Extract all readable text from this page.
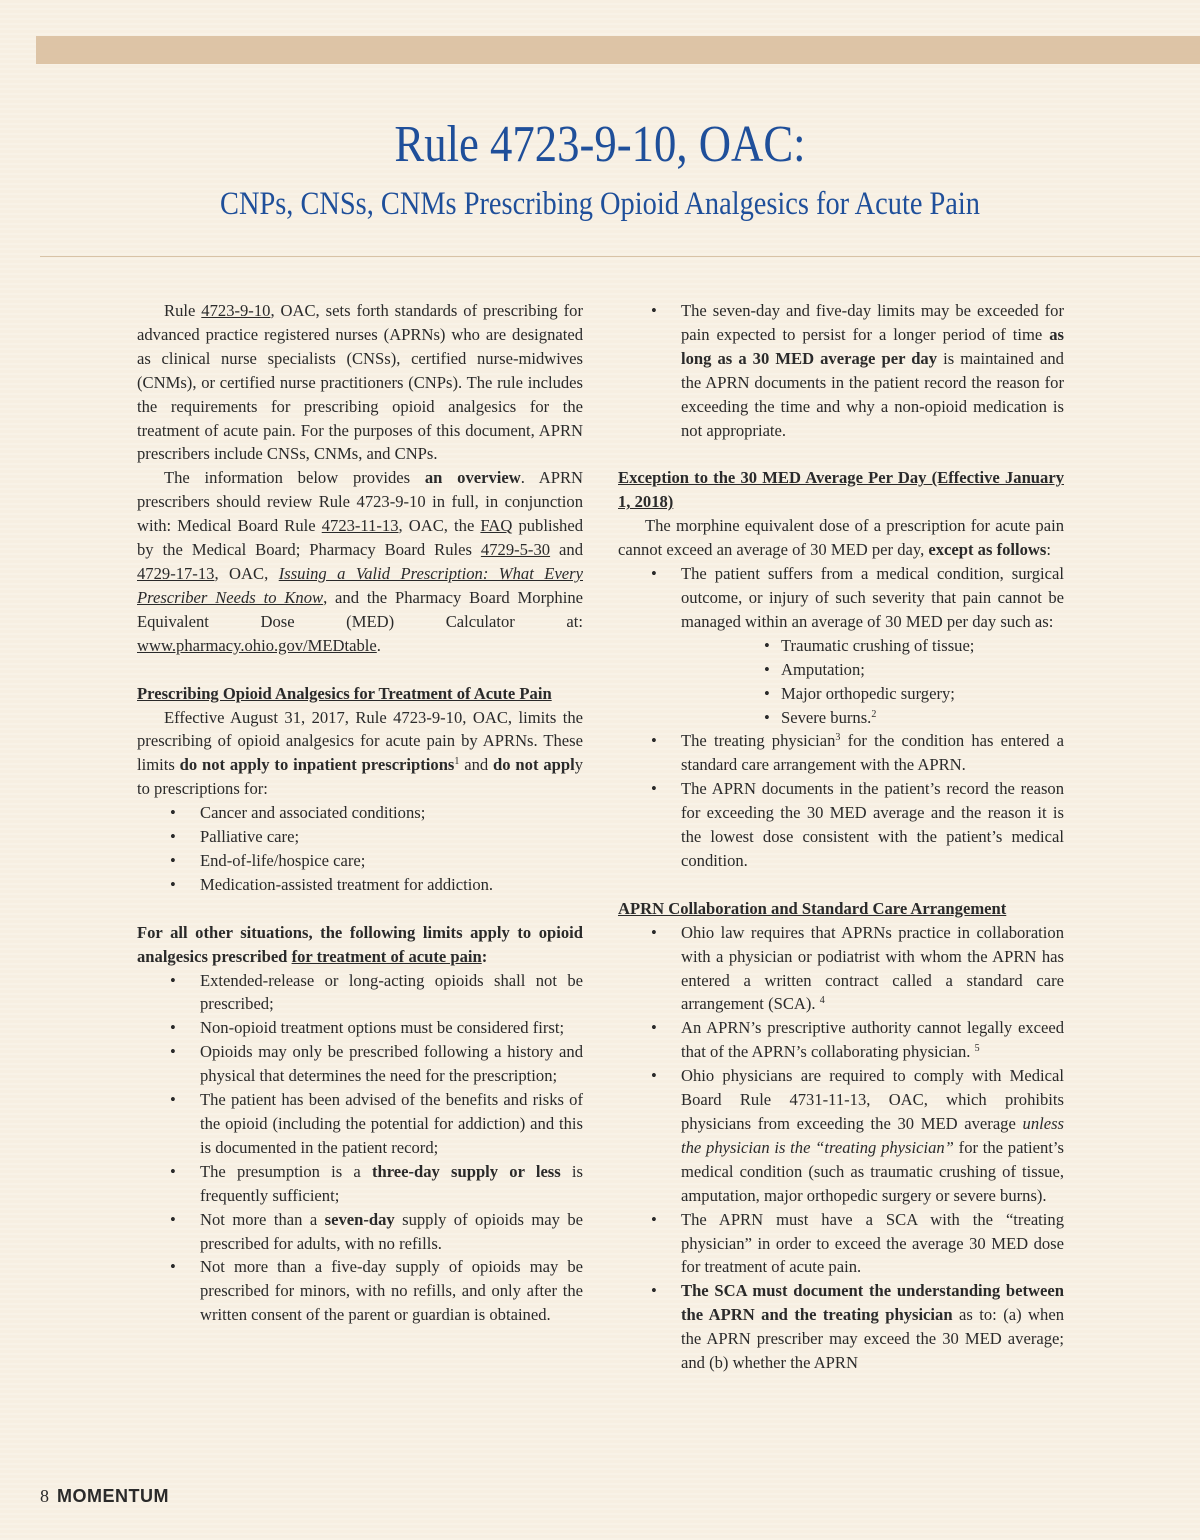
Rule 4723-9-10, OAC:
CNPs, CNSs, CNMs Prescribing Opioid Analgesics for Acute Pain

Rule 4723-9-10, OAC, sets forth standards of prescribing for advanced practice registered nurses (APRNs) who are designated as clinical nurse specialists (CNSs), certified nurse-midwives (CNMs), or certified nurse practitioners (CNPs). The rule includes the requirements for prescribing opioid analgesics for the treatment of acute pain. For the purposes of this document, APRN prescribers include CNSs, CNMs, and CNPs.

The information below provides an overview. APRN prescribers should review Rule 4723-9-10 in full, in conjunction with: Medical Board Rule 4723-11-13, OAC, the FAQ published by the Medical Board; Pharmacy Board Rules 4729-5-30 and 4729-17-13, OAC, Issuing a Valid Prescription: What Every Prescriber Needs to Know, and the Pharmacy Board Morphine Equivalent Dose (MED) Calculator at: www.pharmacy.ohio.gov/MEDtable.

Prescribing Opioid Analgesics for Treatment of Acute Pain

Effective August 31, 2017, Rule 4723-9-10, OAC, limits the prescribing of opioid analgesics for acute pain by APRNs. These limits do not apply to inpatient prescriptions$^1$ and do not apply to prescriptions for:

• Cancer and associated conditions;
• Palliative care;
• End-of-life/hospice care;
• Medication-assisted treatment for addiction.

For all other situations, the following limits apply to opioid analgesics prescribed for treatment of acute pain:

• Extended-release or long-acting opioids shall not be prescribed;
• Non-opioid treatment options must be considered first;
• Opioids may only be prescribed following a history and physical that determines the need for the prescription;
• The patient has been advised of the benefits and risks of the opioid (including the potential for addiction) and this is documented in the patient record;
• The presumption is a three-day supply or less is frequently sufficient;
• Not more than a seven-day supply of opioids may be prescribed for adults, with no refills.
• Not more than a five-day supply of opioids may be prescribed for minors, with no refills, and only after the written consent of the parent or guardian is obtained.
• The seven-day and five-day limits may be exceeded for pain expected to persist for a longer period of time as long as a 30 MED average per day is maintained and the APRN documents in the patient record the reason for exceeding the time and why a non-opioid medication is not appropriate.

Exception to the 30 MED Average Per Day (Effective January 1, 2018)

The morphine equivalent dose of a prescription for acute pain cannot exceed an average of 30 MED per day, except as follows:

• The patient suffers from a medical condition, surgical outcome, or injury of such severity that pain cannot be managed within an average of 30 MED per day such as:
• Traumatic crushing of tissue;
• Amputation;
• Major orthopedic surgery;
• Severe burns.$^2$
• The treating physician$^3$ for the condition has entered a standard care arrangement with the APRN.
• The APRN documents in the patient’s record the reason for exceeding the 30 MED average and the reason it is the lowest dose consistent with the patient’s medical condition.

APRN Collaboration and Standard Care Arrangement

• Ohio law requires that APRNs practice in collaboration with a physician or podiatrist with whom the APRN has entered a written contract called a standard care arrangement (SCA). $^4$
• An APRN’s prescriptive authority cannot legally exceed that of the APRN’s collaborating physician. $^5$
• Ohio physicians are required to comply with Medical Board Rule 4731-11-13, OAC, which prohibits physicians from exceeding the 30 MED average unless the physician is the “treating physician” for the patient’s medical condition (such as traumatic crushing of tissue, amputation, major orthopedic surgery or severe burns).
• The APRN must have a SCA with the “treating physician” in order to exceed the average 30 MED dose for treatment of acute pain.
• The SCA must document the understanding between the APRN and the treating physician as to: (a) when the APRN prescriber may exceed the 30 MED average; and (b) whether the APRN
8 MOMENTUM
